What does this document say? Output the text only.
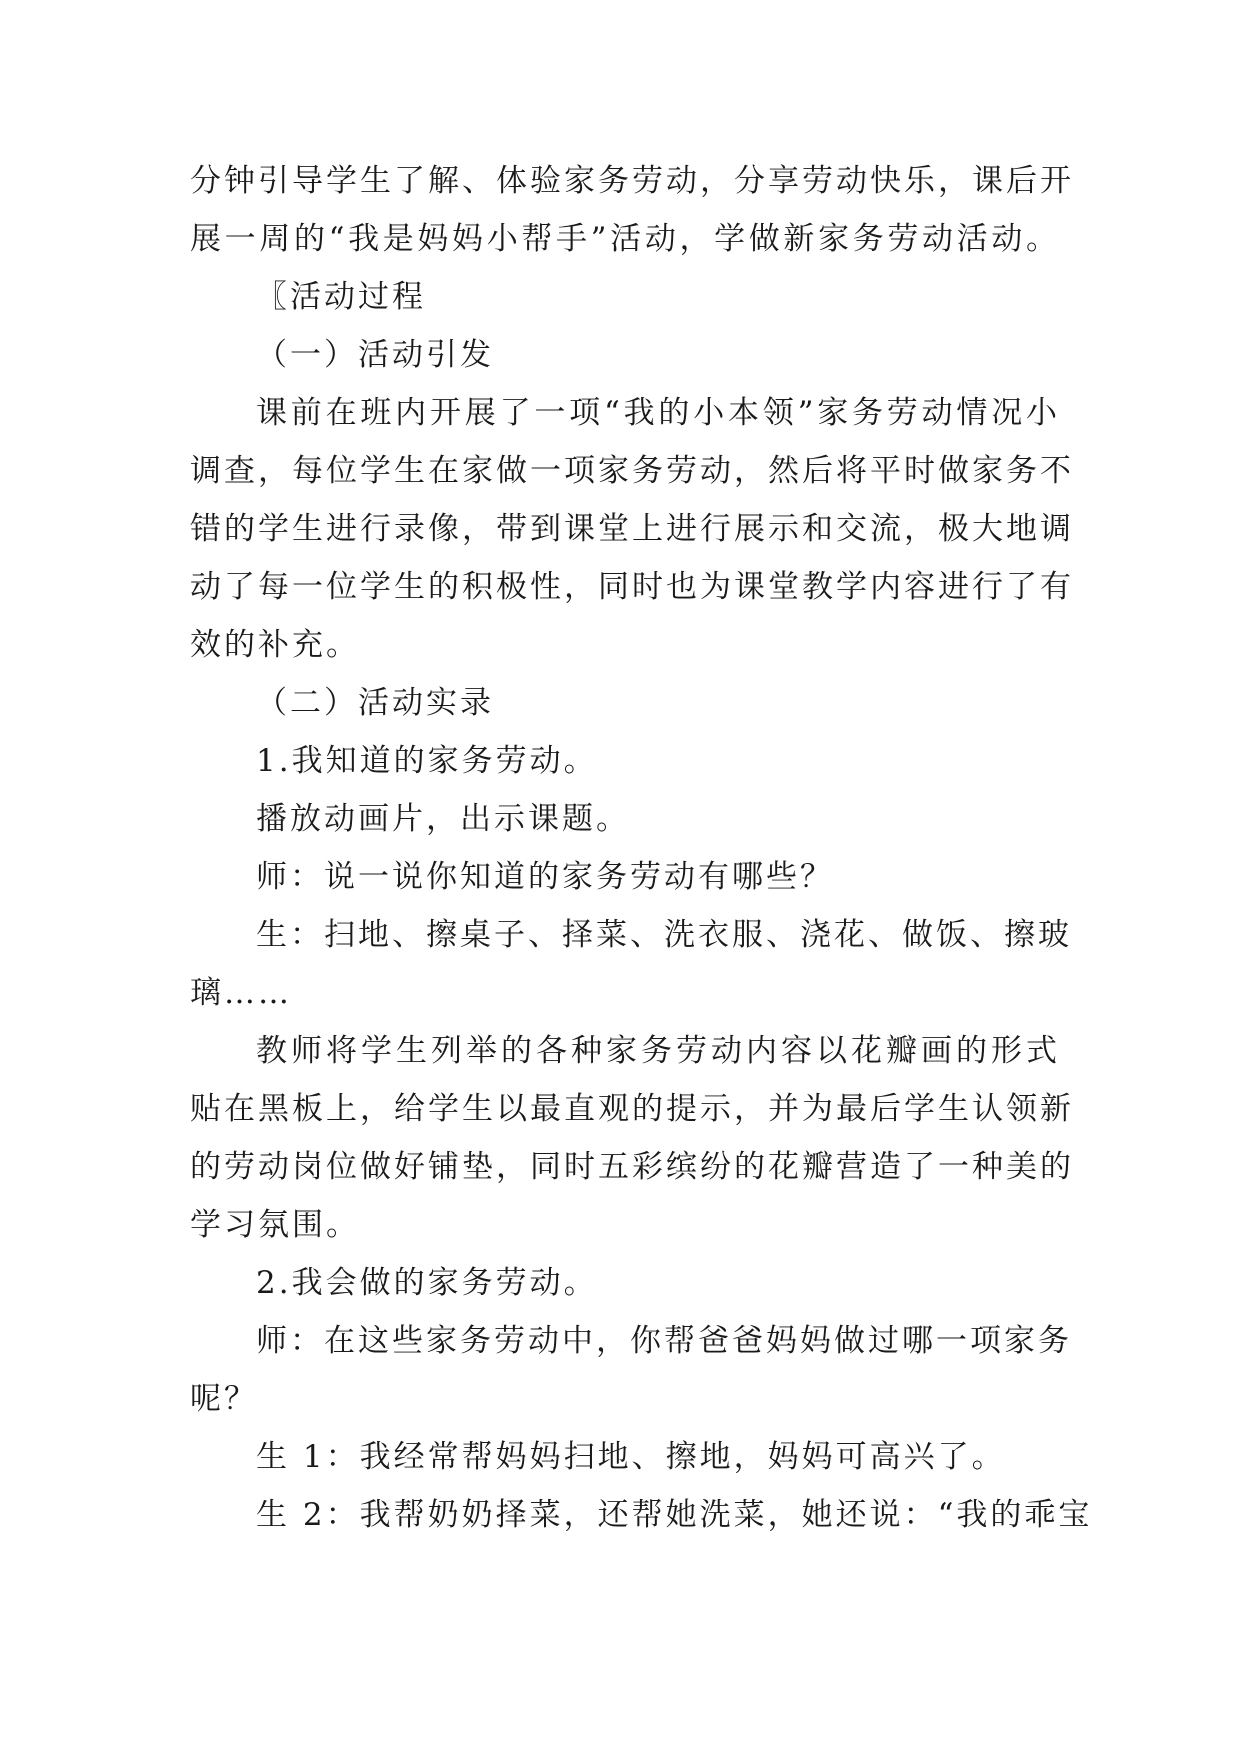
分钟引导学生了解、体验家务劳动，分享劳动快乐，课后开
展一周的“我是妈妈小帮手”活动，学做新家务劳动活动。
〖活动过程
（一）活动引发
课前在班内开展了一项“我的小本领”家务劳动情况小
调查，每位学生在家做一项家务劳动，然后将平时做家务不
错的学生进行录像，带到课堂上进行展示和交流，极大地调
动了每一位学生的积极性，同时也为课堂教学内容进行了有
效的补充。
（二）活动实录
1.我知道的家务劳动。
播放动画片，出示课题。
师：说一说你知道的家务劳动有哪些？
生：扫地、擦桌子、择菜、洗衣服、浇花、做饭、擦玻
璃……
教师将学生列举的各种家务劳动内容以花瓣画的形式
贴在黑板上，给学生以最直观的提示，并为最后学生认领新
的劳动岗位做好铺垫，同时五彩缤纷的花瓣营造了一种美的
学习氛围。
2.我会做的家务劳动。
师：在这些家务劳动中，你帮爸爸妈妈做过哪一项家务
呢？
生 1：我经常帮妈妈扫地、擦地，妈妈可高兴了。
生 2：我帮奶奶择菜，还帮她洗菜，她还说：“我的乖宝
